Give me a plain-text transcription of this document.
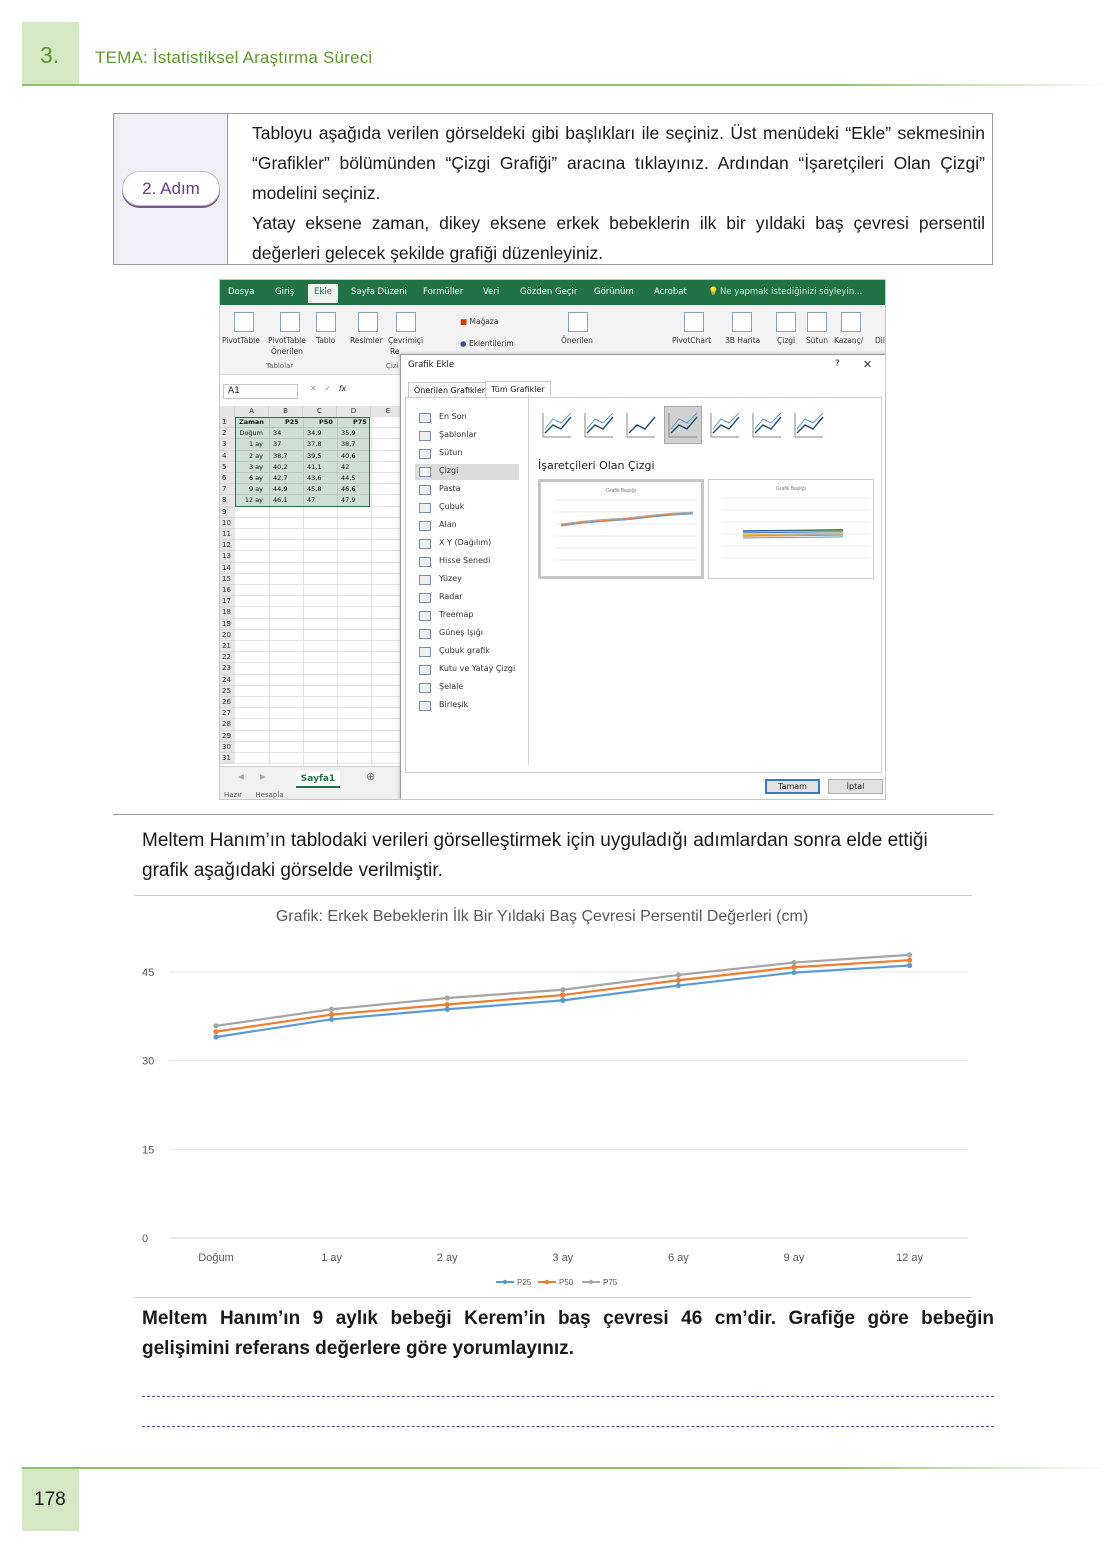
3. TEMA: İstatistiksel Araştırma Süreci
2. Adım

Tabloyu aşağıda verilen görseldeki gibi başlıkları ile seçiniz. Üst menüdeki “Ekle” sekmesinin “Grafikler” bölümünden “Çizgi Grafiği” aracına tıklayınız. Ardından “İşaretçileri Olan Çizgi” modelini seçiniz.

Yatay eksene zaman, dikey eksene erkek bebeklerin ilk bir yıldaki baş çevresi persentil değerleri gelecek şekilde grafiği düzenleyiniz.

Dosya Giriş	Ekle	Sayfa Düzeni Formüller Veri Gözden Geçir Görünüm Acrobat 💡 Ne yapmak istediğinizi söyleyin...
PivotTable PivotTable
Önerilen
Tablo
Tablolar
Resimler Çevrimiçi
Re
Çizi
■ Mağaza
● Eklentilerim	Önerilen	PivotChart 3B Harita Çizgi Sütun Kazanç/ Dil
A1	✕ ✓ fx
A	B	C	D	E
1
2
3
4
5
6
7
8
9
10
11
12
13
14
15
16
17
18
19
20
21
22
23
24
25
26
27
28
29
30
31
Zaman	P25	P50	P75
Doğum	34	34,9	35,9
1 ay	37	37,8	38,7
2 ay	38,7	39,5	40,6
3 ay	40,2	41,1	42
6 ay	42,7	43,6	44,5
9 ay	44,9	45,8	46,6
12 ay	46,1	47	47,9
◀ ▶	⊕
Sayfa1
Hazır Hesapla
Grafik Ekle	? ✕
Önerilen Grafikler Tüm Grafikler
En Son
Şablonlar
Sütun
Çizgi
Pasta
Çubuk
Alan
X Y (Dağılım)
Hisse Senedi
Yüzey
Radar
Treemap
Güneş Işığı
Çubuk grafik
Kutu ve Yatay Çizgi
Şelale
Birleşik
İşaretçileri Olan Çizgi
Grafik Başlığı	Grafik Başlığı
Tamam	İptal
Meltem Hanım’ın tablodaki verileri görselleştirmek için uyguladığı adımlardan sonra elde ettiği grafik aşağıdaki görselde verilmiştir.
Grafik: Erkek Bebeklerin İlk Bir Yıldaki Baş Çevresi Persentil Değerleri (cm)
0
15
30
45
Doğum	1 ay	2 ay	3 ay	6 ay	9 ay	12 ay
P25	P50	P75
Meltem Hanım’ın 9 aylık bebeği Kerem’in baş çevresi 46 cm’dir. Grafiğe göre bebeğin gelişimini referans değerlere göre yorumlayınız.
178
